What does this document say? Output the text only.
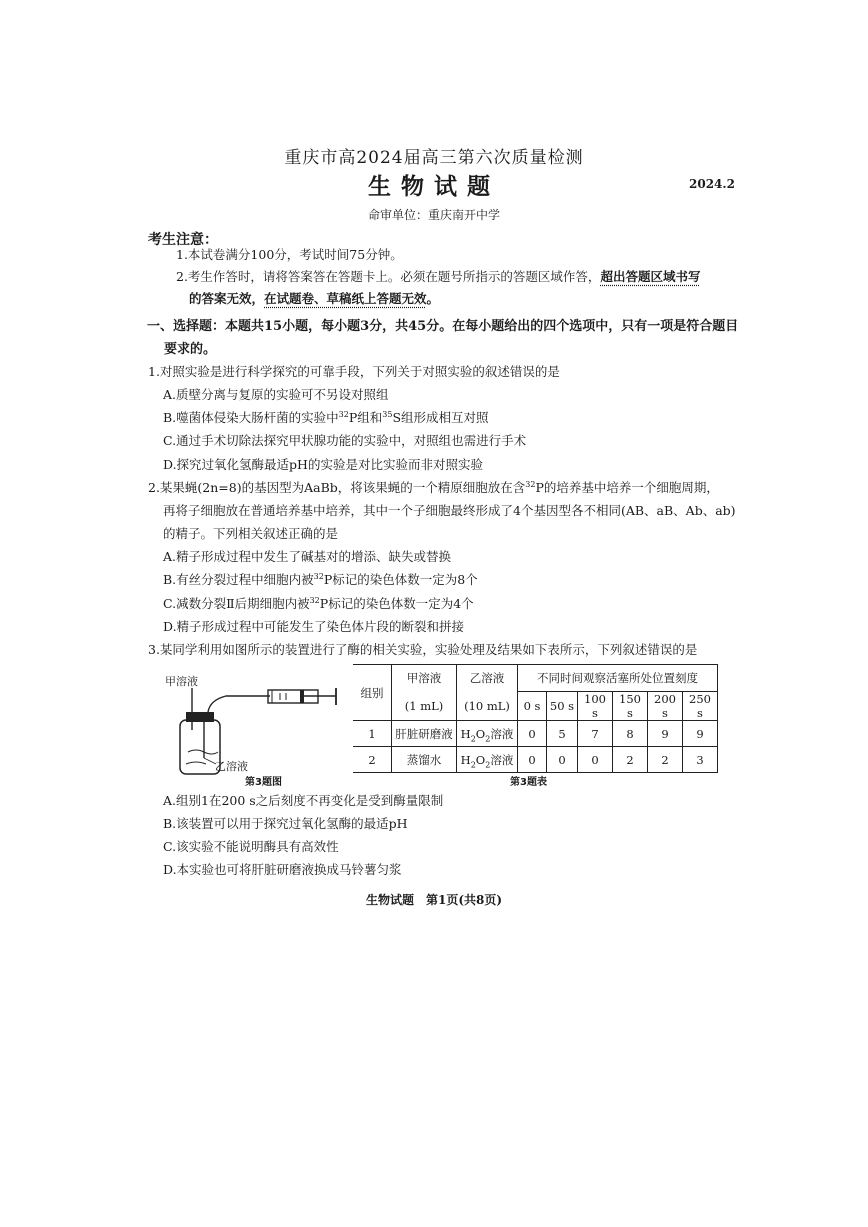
重庆市高2024届高三第六次质量检测
生物试题	2024.2
命审单位：重庆南开中学
考生注意：
1.本试卷满分100分，考试时间75分钟。
2.考生作答时，请将答案答在答题卡上。必须在题号所指示的答题区域作答，超出答题区域书写
的答案无效，在试题卷、草稿纸上答题无效。
一、选择题：本题共15小题，每小题3分，共45分。在每小题给出的四个选项中，只有一项是符合题目
要求的。
1.对照实验是进行科学探究的可靠手段，下列关于对照实验的叙述错误的是
A.质壁分离与复原的实验可不另设对照组
B.噬菌体侵染大肠杆菌的实验中$^{32}$P组和$^{35}$S组形成相互对照
C.通过手术切除法探究甲状腺功能的实验中，对照组也需进行手术
D.探究过氧化氢酶最适pH的实验是对比实验而非对照实验
2.某果蝇(2n=8)的基因型为AaBb，将该果蝇的一个精原细胞放在含$^{32}$P的培养基中培养一个细胞周期，
再将子细胞放在普通培养基中培养，其中一个子细胞最终形成了4个基因型各不相同(AB、aB、Ab、ab)
的精子。下列相关叙述正确的是
A.精子形成过程中发生了碱基对的增添、缺失或替换
B.有丝分裂过程中细胞内被$^{32}$P标记的染色体数一定为8个
C.减数分裂Ⅱ后期细胞内被$^{32}$P标记的染色体数一定为4个
D.精子形成过程中可能发生了染色体片段的断裂和拼接
3.某同学利用如图所示的装置进行了酶的相关实验，实验处理及结果如下表所示，下列叙述错误的是
甲溶液
乙溶液
第3题图
组别	甲溶液	乙溶液	不同时间观察活塞所处位置刻度					
	(1 mL)	(10 mL)	0 s	50 s	100 s	150 s	200 s	250 s
1	肝脏研磨液	$H_2O_2$溶液	0	5	7	8	9	9
2	蒸馏水	$H_2O_2$溶液	0	0	0	2	2	3
第3题表
A.组别1在200 s之后刻度不再变化是受到酶量限制
B.该装置可以用于探究过氧化氢酶的最适pH
C.该实验不能说明酶具有高效性
D.本实验也可将肝脏研磨液换成马铃薯匀浆
生物试题　第1页(共8页)
